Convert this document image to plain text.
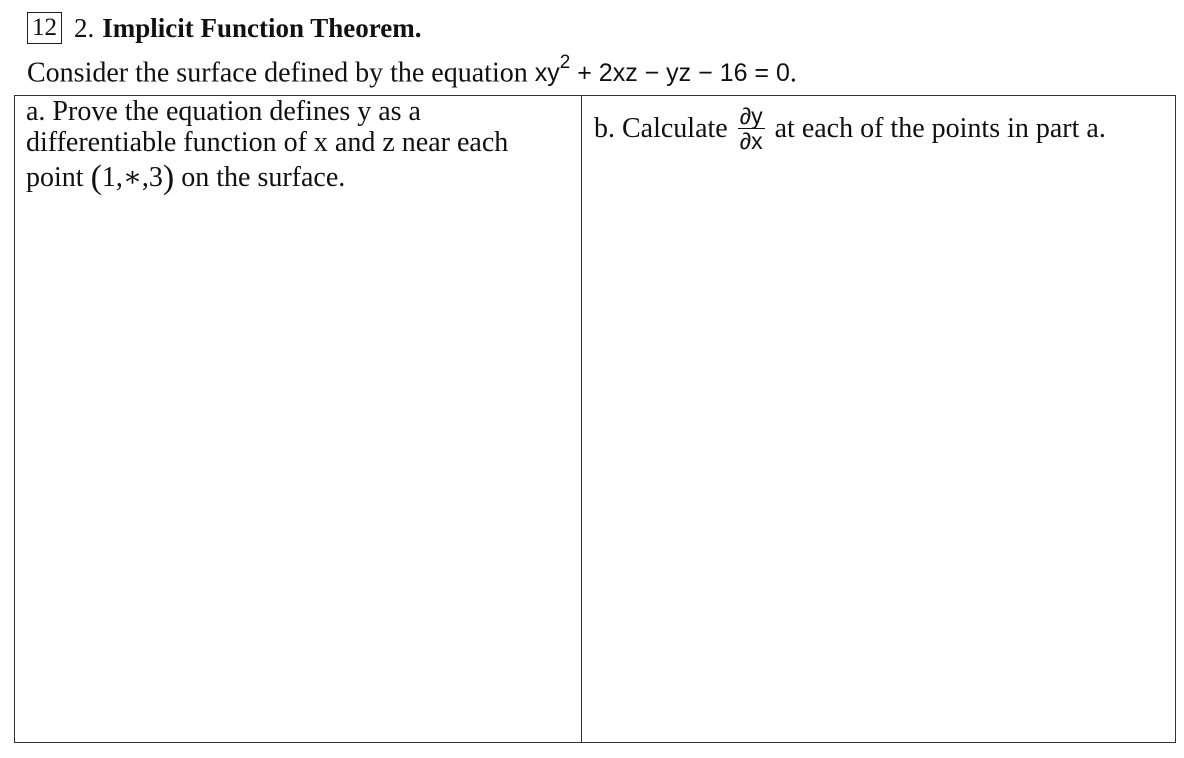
12 2. Implicit Function Theorem.
Consider the surface defined by the equation $xy^2 + 2xz$ − yz − 16 = 0.
a. Prove the equation defines y as a
differentiable function of x and z near each
point (1,∗,3) on the surface.
b. Calculate $\frac{\partial y}{\partial x}$ at each of the points in part a.
